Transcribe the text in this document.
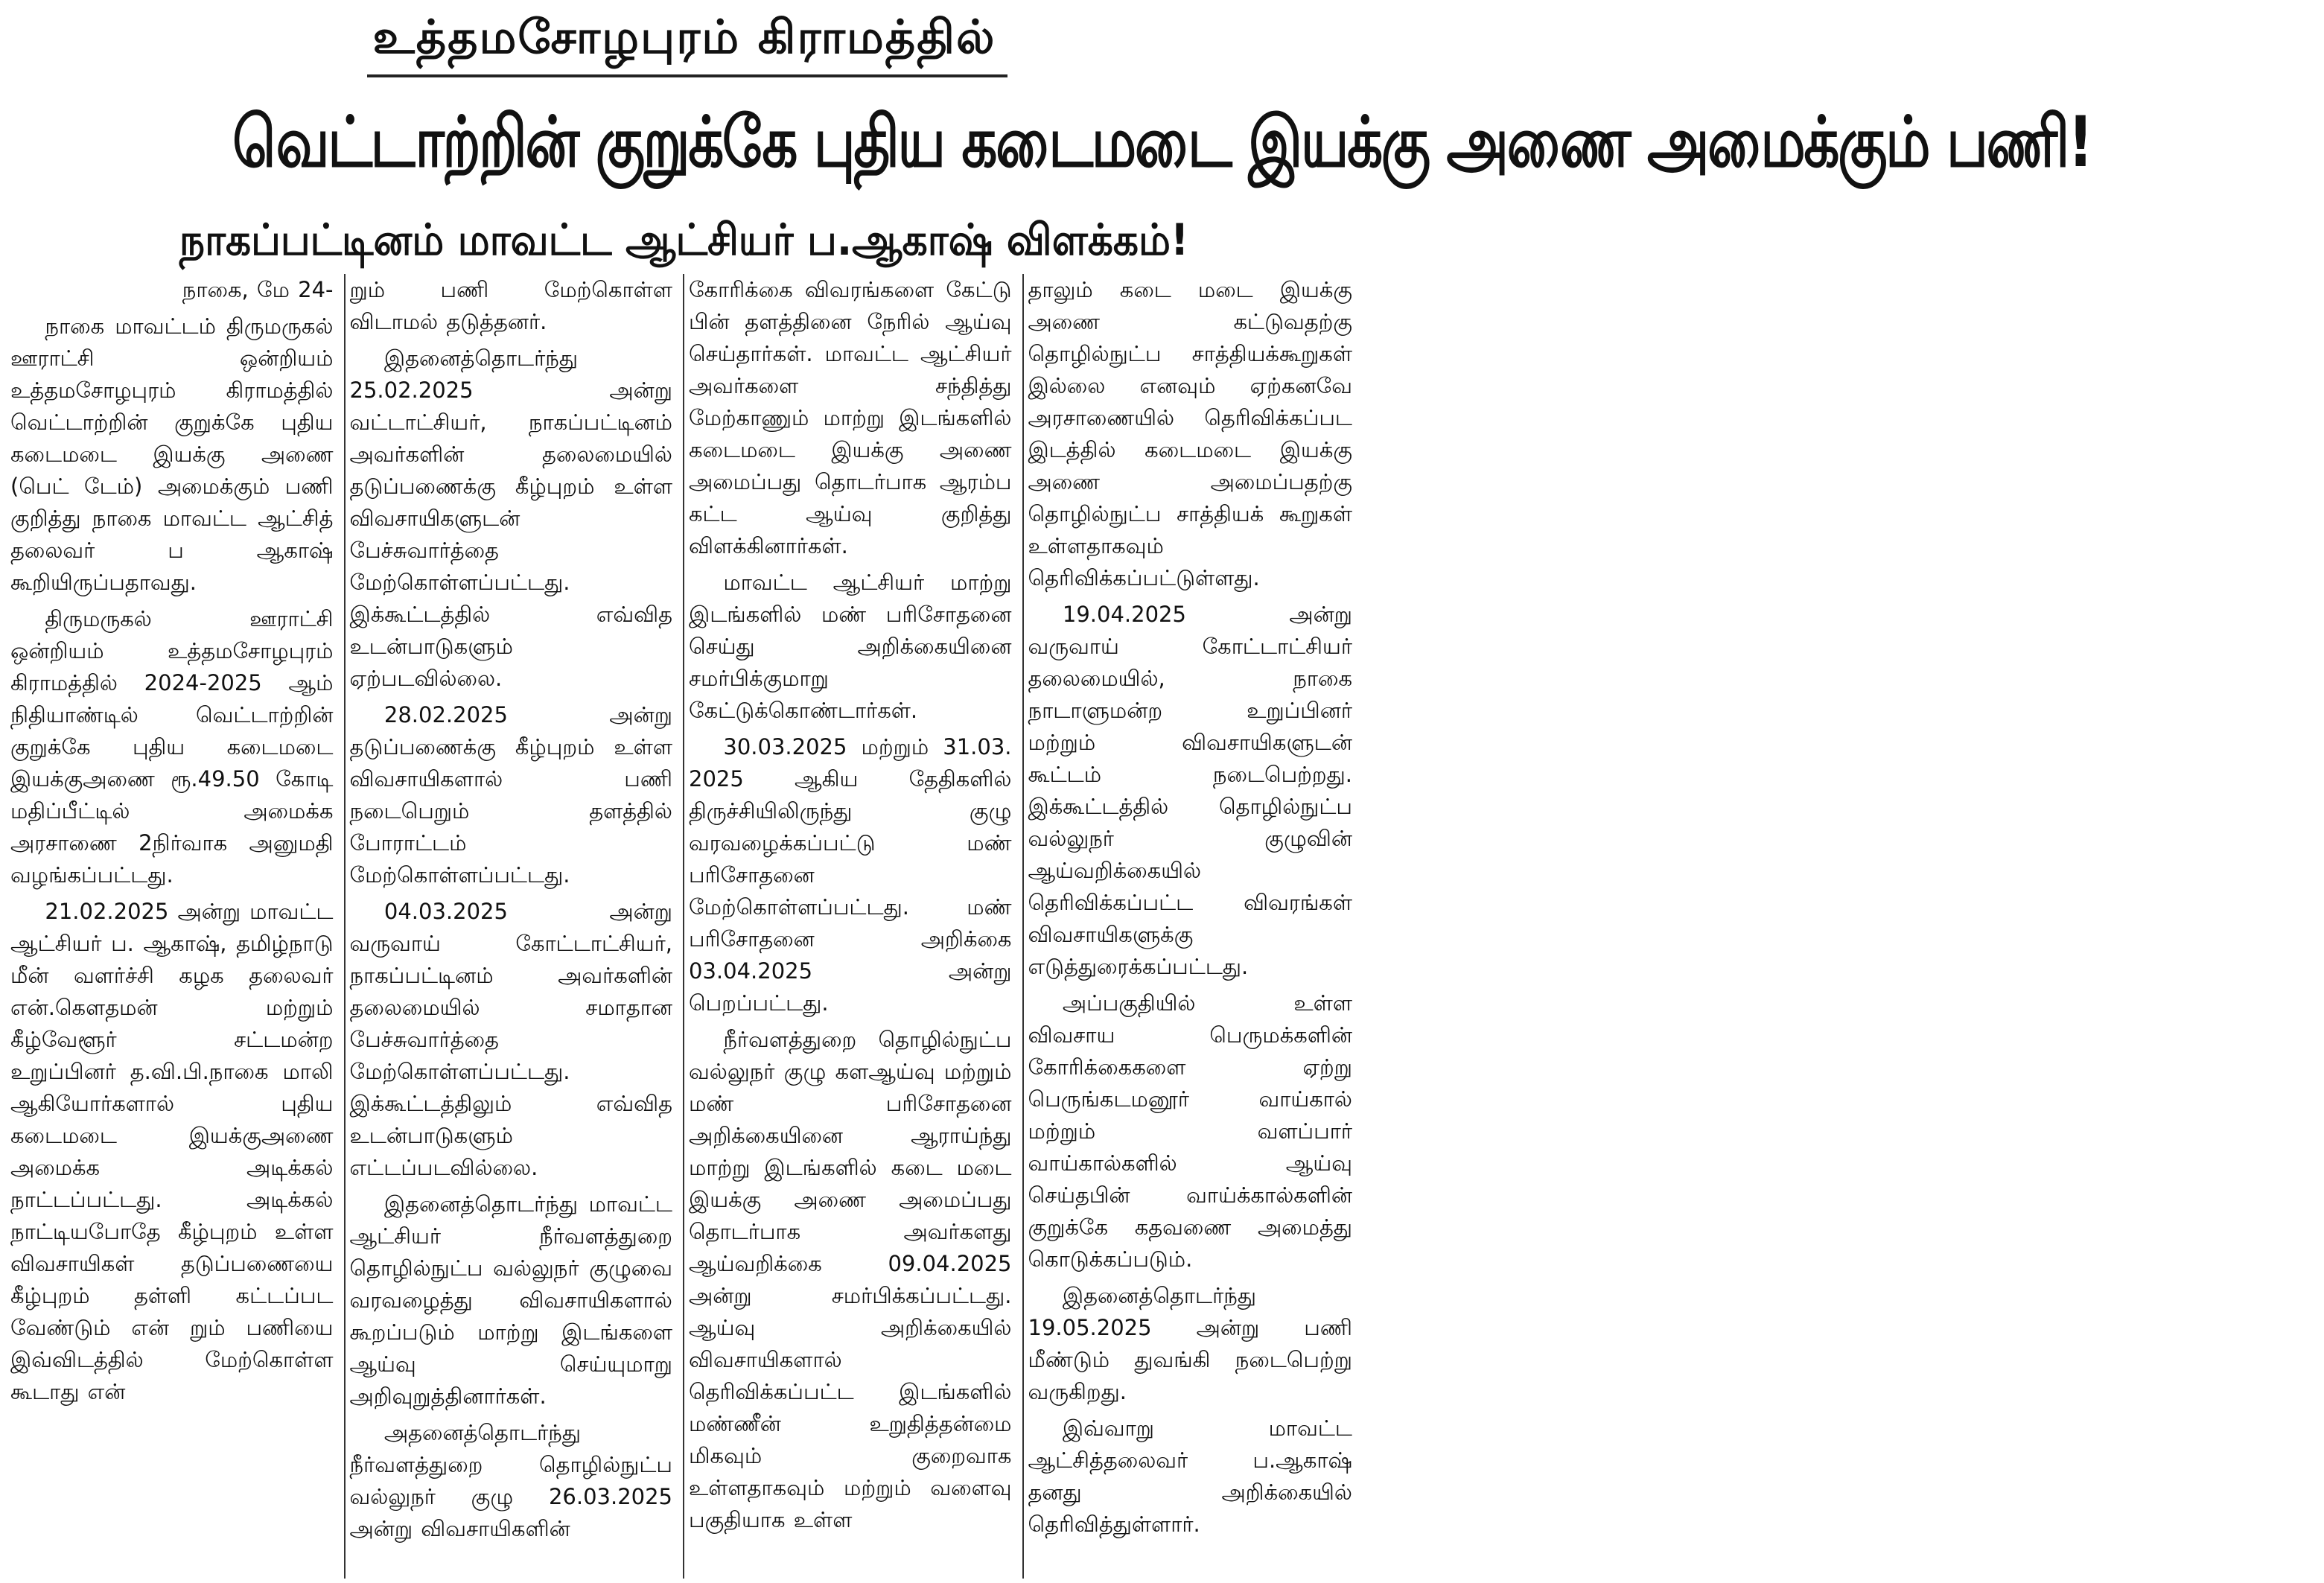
உத்தமசோழபுரம் கிராமத்தில்
வெட்டாற்றின் குறுக்கே புதிய கடைமடை இயக்கு அணை அமைக்கும் பணி!
நாகப்பட்டினம் மாவட்ட ஆட்சியர் ப.ஆகாஷ் விளக்கம்!

நாகை, மே 24-

நாகை மாவட்டம் திருமருகல் ஊராட்சி ஒன்றியம் உத்தமசோழபுரம் கிராமத்தில் வெட்டாற்றின் குறுக்கே புதிய கடைமடை இயக்கு அணை (பெட் டேம்) அமைக்கும் பணி குறித்து நாகை மாவட்ட ஆட்சித் தலைவர் ப ஆகாஷ் கூறியிருப்பதாவது.

திருமருகல் ஊராட்சி ஒன்றியம் உத்தமசோழபுரம் கிராமத்தில் 2024-2025 ஆம் நிதியாண்டில் வெட்டாற்றின் குறுக்கே புதிய கடைமடை இயக்குஅணை ரூ.49.50 கோடி மதிப்பீட்டில் அமைக்க அரசாணை 2நிர்வாக அனுமதி வழங்கப்பட்டது.

21.02.2025 அன்று மாவட்ட ஆட்சியர் ப. ஆகாஷ், தமிழ்நாடு மீன் வளர்ச்சி கழக தலைவர் என்.கௌதமன் மற்றும் கீழ்வேளூர் சட்டமன்ற உறுப்பினர் த.வி.பி.நாகை மாலி ஆகியோர்களால் புதிய கடைமடை இயக்குஅணை அமைக்க அடிக்கல் நாட்டப்பட்டது. அடிக்கல் நாட்டியபோதே கீழ்புறம் உள்ள விவசாயிகள் தடுப்பணையை கீழ்புறம் தள்ளி கட்டப்பட வேண்டும் என் றும் பணியை இவ்விடத்தில் மேற்கொள்ள கூடாது என்

றும் பணி மேற்கொள்ள விடாமல் தடுத்தனர்.

இதனைத்தொடர்ந்து 25.02.2025 அன்று வட்டாட்சியர், நாகப்பட்டினம் அவர்களின் தலைமையில் தடுப்பணைக்கு கீழ்புறம் உள்ள விவசாயிகளுடன் பேச்சுவார்த்தை மேற்கொள்ளப்பட்டது. இக்கூட்டத்தில் எவ்வித உடன்பாடுகளும் ஏற்படவில்லை.

28.02.2025 அன்று தடுப்பணைக்கு கீழ்புறம் உள்ள விவசாயிகளால் பணி நடைபெறும் தளத்தில் போராட்டம் மேற்கொள்ளப்பட்டது.

04.03.2025 அன்று வருவாய் கோட்டாட்சியர், நாகப்பட்டினம் அவர்களின் தலைமையில் சமாதான பேச்சுவார்த்தை மேற்கொள்ளப்பட்டது. இக்கூட்டத்திலும் எவ்வித உடன்பாடுகளும் எட்டப்படவில்லை.

இதனைத்தொடர்ந்து மாவட்ட ஆட்சியர் நீர்வளத்துறை தொழில்நுட்ப வல்லுநர் குழுவை வரவழைத்து விவசாயிகளால் கூறப்படும் மாற்று இடங்களை ஆய்வு செய்யுமாறு அறிவுறுத்தினார்கள்.

அதனைத்தொடர்ந்து நீர்வளத்துறை தொழில்நுட்ப வல்லுநர் குழு 26.03.2025 அன்று விவசாயிகளின்

கோரிக்கை விவரங்களை கேட்டு பின் தளத்தினை நேரில் ஆய்வு செய்தார்கள். மாவட்ட ஆட்சியர் அவர்களை சந்தித்து மேற்காணும் மாற்று இடங்களில் கடைமடை இயக்கு அணை அமைப்பது தொடர்பாக ஆரம்ப கட்ட ஆய்வு குறித்து விளக்கினார்கள்.

மாவட்ட ஆட்சியர் மாற்று இடங்களில் மண் பரிசோதனை செய்து அறிக்கையினை சமர்பிக்குமாறு கேட்டுக்கொண்டார்கள்.

30.03.2025 மற்றும் 31.03. 2025 ஆகிய தேதிகளில் திருச்சியிலிருந்து குழு வரவழைக்கப்பட்டு மண் பரிசோதனை மேற்கொள்ளப்பட்டது. மண் பரிசோதனை அறிக்கை 03.04.2025 அன்று பெறப்பட்டது.

நீர்வளத்துறை தொழில்நுட்ப வல்லுநர் குழு களஆய்வு மற்றும் மண் பரிசோதனை அறிக்கையினை ஆராய்ந்து மாற்று இடங்களில் கடை மடை இயக்கு அணை அமைப்பது தொடர்பாக அவர்களது ஆய்வறிக்கை 09.04.2025 அன்று சமர்பிக்கப்பட்டது. ஆய்வு அறிக்கையில் விவசாயிகளால் தெரிவிக்கப்பட்ட இடங்களில் மண்ணீன் உறுதித்தன்மை மிகவும் குறைவாக உள்ளதாகவும் மற்றும் வளைவு பகுதியாக உள்ள

தாலும் கடை மடை இயக்கு அணை கட்டுவதற்கு தொழில்நுட்ப சாத்தியக்கூறுகள் இல்லை எனவும் ஏற்கனவே அரசாணையில் தெரிவிக்கப்பட இடத்தில் கடைமடை இயக்கு அணை அமைப்பதற்கு தொழில்நுட்ப சாத்தியக் கூறுகள் உள்ளதாகவும் தெரிவிக்கப்பட்டுள்ளது.

19.04.2025 அன்று வருவாய் கோட்டாட்சியர் தலைமையில், நாகை நாடாளுமன்ற உறுப்பினர் மற்றும் விவசாயிகளுடன் கூட்டம் நடைபெற்றது. இக்கூட்டத்தில் தொழில்நுட்ப வல்லுநர் குழுவின் ஆய்வறிக்கையில் தெரிவிக்கப்பட்ட விவரங்கள் விவசாயிகளுக்கு எடுத்துரைக்கப்பட்டது.

அப்பகுதியில் உள்ள விவசாய பெருமக்களின் கோரிக்கைகளை ஏற்று பெருங்கடமனூர் வாய்கால் மற்றும் வளப்பார் வாய்கால்களில் ஆய்வு செய்தபின் வாய்க்கால்களின் குறுக்கே கதவணை அமைத்து கொடுக்கப்படும்.

இதனைத்தொடர்ந்து 19.05.2025 அன்று பணி மீண்டும் துவங்கி நடைபெற்று வருகிறது.

இவ்வாறு மாவட்ட ஆட்சித்தலைவர் ப.ஆகாஷ் தனது அறிக்கையில் தெரிவித்துள்ளார்.
